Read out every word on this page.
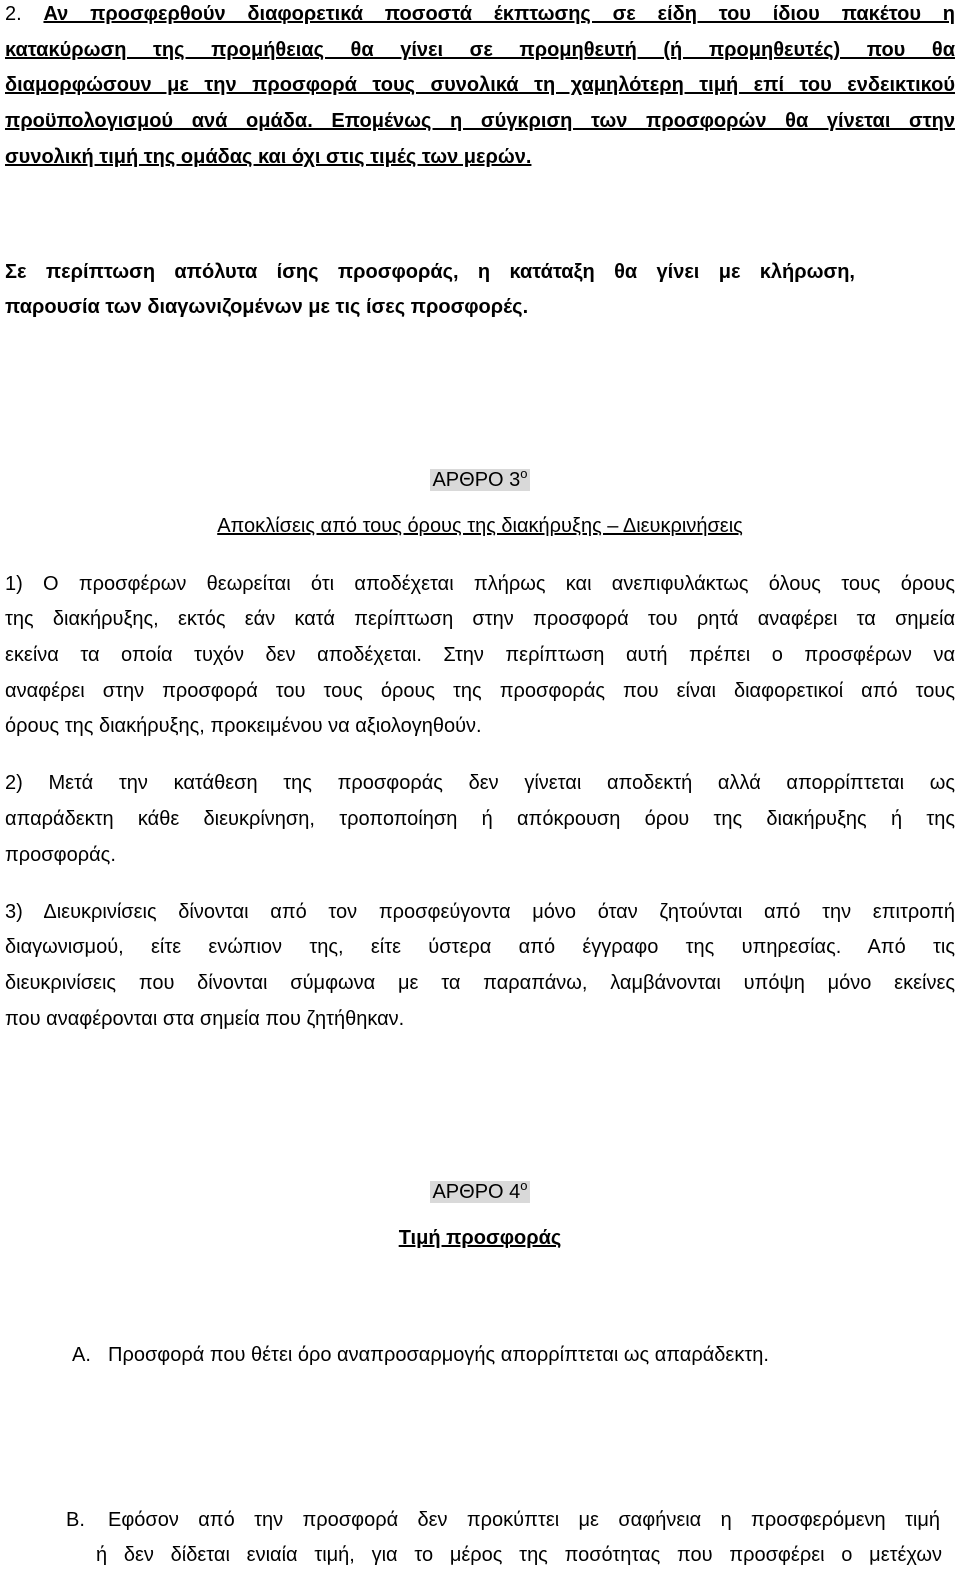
2. Αν προσφερθούν διαφορετικά ποσοστά έκπτωσης σε είδη του ίδιου πακέτου η
κατακύρωση της προμήθειας θα γίνει σε προμηθευτή (ή προμηθευτές) που θα
διαμορφώσουν με την προσφορά τους συνολικά τη χαμηλότερη τιμή επί του ενδεικτικού
προϋπολογισμού ανά ομάδα. Επομένως η σύγκριση των προσφορών θα γίνεται στην
συνολική τιμή της ομάδας και όχι στις τιμές των μερών.
Σε περίπτωση απόλυτα ίσης προσφοράς, η κατάταξη θα γίνει με κλήρωση,
παρουσία των διαγωνιζομένων με τις ίσες προσφορές.
ΑΡΘΡΟ $3^o$
Αποκλίσεις από τους όρους της διακήρυξης – Διευκρινήσεις
1) Ο προσφέρων θεωρείται ότι αποδέχεται πλήρως και ανεπιφυλάκτως όλους τους όρους
της διακήρυξης, εκτός εάν κατά περίπτωση στην προσφορά του ρητά αναφέρει τα σημεία
εκείνα τα οποία τυχόν δεν αποδέχεται. Στην περίπτωση αυτή πρέπει ο προσφέρων να
αναφέρει στην προσφορά του τους όρους της προσφοράς που είναι διαφορετικοί από τους
όρους της διακήρυξης, προκειμένου να αξιολογηθούν.
2) Μετά την κατάθεση της προσφοράς δεν γίνεται αποδεκτή αλλά απορρίπτεται ως
απαράδεκτη κάθε διευκρίνηση, τροποποίηση ή απόκρουση όρου της διακήρυξης ή της
προσφοράς.
3) Διευκρινίσεις δίνονται από τον προσφεύγοντα μόνο όταν ζητούνται από την επιτροπή
διαγωνισμού, είτε ενώπιον της, είτε ύστερα από έγγραφο της υπηρεσίας. Από τις
διευκρινίσεις που δίνονται σύμφωνα με τα παραπάνω, λαμβάνονται υπόψη μόνο εκείνες
που αναφέρονται στα σημεία που ζητήθηκαν.
ΑΡΘΡΟ $4^o$
Τιμή προσφοράς
Α. Προσφορά που θέτει όρο αναπροσαρμογής απορρίπτεται ως απαράδεκτη.
Β. Εφόσον από την προσφορά δεν προκύπτει με σαφήνεια η προσφερόμενη τιμή
ή δεν δίδεται ενιαία τιμή, για το μέρος της ποσότητας που προσφέρει ο μετέχων
